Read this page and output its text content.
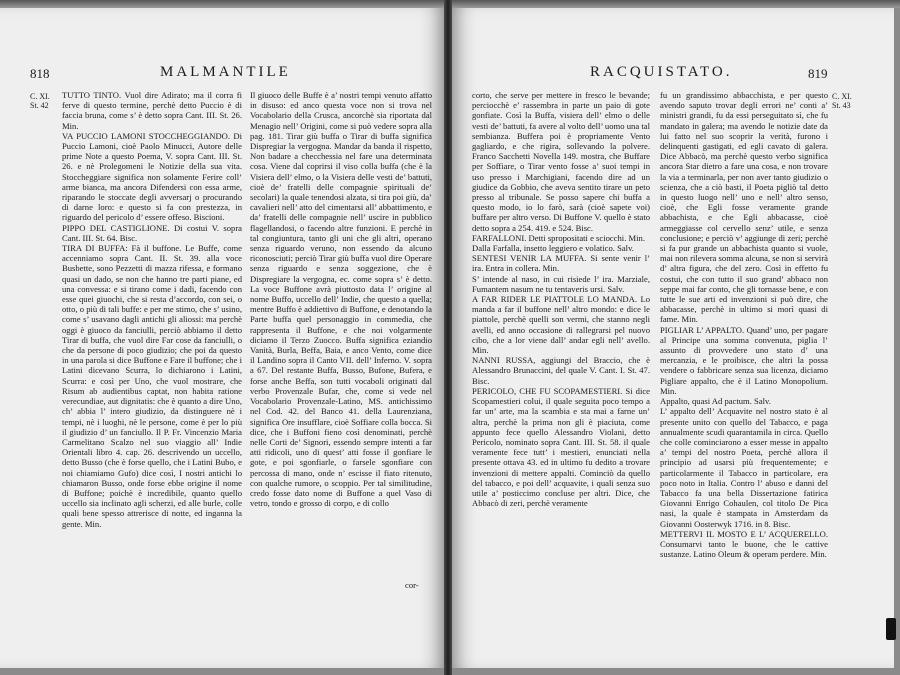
818	MALMANTILE
C. XI.
St. 42

TUTTO TINTO. Vuol dire Adirato; ma il corra fi ferve di questo termine, perchè detto Puccio è di faccia bruna, come s’ è detto sopra Cant. III. St. 26. Min.

VA PUCCIO LAMONI STOCCHEGGIANDO. Di Puccio Lamoni, cioè Paolo Minucci, Autore delle prime Note a questo Poema, V. sopra Cant. III. St. 26. e nè Prolegomeni le Notizie della sua vita. Stoccheggiare significa non solamente Ferire coll’ arme bianca, ma ancora Difendersi con essa arme, riparando le stoccate degli avversarj o procurando di darne loro: e questo si fa con prestezza, in riguardo del pericolo d’ essere offeso. Biscioni.

PIPPO DEL CASTIGLIONE. Di costui V. sopra Cant. III. St. 64. Bisc.

TIRA DI BUFFA: Fà il buffone. Le Buffe, come accenniamo sopra Cant. II. St. 39. alla voce Busbette, sono Pezzetti di mazza rifessa, e formano quasi un dado, se non che hanno tre parti piane, ed una convessa: e si tirano come i dadi, facendo con esse quei giuochi, che si resta d’accordo, con sei, o otto, o più di tali buffe: e per me stimo, che s’ usino, come s’ usavano dagli antichi gli aliossi: ma perchè oggi è giuoco da fanciulli, perciò abbiamo il detto Tirar di buffa, che vuol dire Far cose da fanciulli, o che da persone di poco giudizio; che poi da questo in una parola si dice Buffone e Fare il buffone; che i Latini dicevano Scurra, lo dichiarono i Latini, Scurra: e così per Uno, che vuol mostrare, che Risum ab audientibus captat, non habita ratione verecundiae, aut dignitatis: che è quanto a dire Uno, ch’ abbia l’ intero giudizio, da distinguere nè i tempi, nè i luoghi, nè le persone, come è per lo più il giudizio d’ un fanciullo. Il P. Fr. Vincenzio Maria Carmelitano Scalzo nel suo viaggio all’ Indie Orientali libro 4. cap. 26. descrivendo un uccello, detto Busso (che è forse quello, che i Latini Bubo, e noi chiamiamo Gufo) dice così, I nostri antichi lo chiamaron Busso, onde forse ebbe origine il nome di Buffone; poichè è incredibile, quanto quello uccello sia inclinato agli scherzi, ed alle burle, colle quali bene spesso attrerisce di notte, ed inganna la gente. Min.

Il giuoco delle Buffe è a’ nostri tempi venuto affatto in disuso: ed anco questa voce non si trova nel Vocabolario della Crusca, ancorchè sia riportata dal Menagio nell’ Origini, come si può vedere sopra alla pag. 181. Tirar giù buffa o Tirar di buffa significa Dispregiar la vergogna. Mandar da banda il rispetto, Non badare a checchessia nel fare una determinata cosa. Viene dal coprirsi il viso colla buffa (che è la Visiera dell’ elmo, o la Visiera delle vesti de’ battuti, cioè de’ fratelli delle compagnie spirituali de’ secolari) la quale tenendosi alzata, si tira poi giù, da’ cavalieri nell’ atto del cimentarsi all’ abbattimento, e da’ fratelli delle compagnie nell’ uscire in pubblico flagellandosi, o facendo altre funzioni. E perchè in tal congiuntura, tanto gli uni che gli altri, operano senza riguardo veruno, non essendo da alcuno riconosciuti; perciò Tirar giù buffa vuol dire Operare senza riguardo e senza soggezione, che è Dispregiare la vergogna, ec. come sopra s’ è detto. La voce Buffone avrà piuttosto data l’ origine al nome Buffo, uccello dell’ Indie, che questo a quella; mentre Buffo è addiettivo di Buffone, e denotando la Parte buffa quel personaggio in commedia, che rappresenta il Buffone, e che noi volgarmente diciamo il Terzo Zuocco. Buffa significa eziandio Vanità, Burla, Beffa, Baia, e anco Vento, come dice il Landino sopra il Canto VII. dell’ Inferno. V. sopra a 67. Del restante Buffa, Busso, Bufone, Bufera, e forse anche Beffa, son tutti vocaboli originati dal verbo Provenzale Bufar, che, come si vede nel Vocabolario Provenzale-Latino, MS. antichissimo nel Cod. 42. del Banco 41. della Laurenziana, significa Ore insufflare, cioè Soffiare colla bocca. Si dice, che i Buffoni fieno così denominati, perchè nelle Corti de’ Signori, essendo sempre intenti a far atti ridicoli, uno di quest’ atti fosse il gonfiare le gote, e poi sgonfiarle, o farsele sgonfiare con percossa di mano, onde n’ escisse il fiato ritenuto, con qualche rumore, o scoppio. Per tal similitudine, credo fosse dato nome di Buffone a quel Vaso di vetro, tondo e grosso di corpo, e di collo

cor-
RACQUISTATO.	819
C. XI.
St. 43

corto, che serve per mettere in fresco le bevande; perciocchè e’ rassembra in parte un paio di gote gonfiate. Così la Buffa, visiera dell’ elmo o delle vesti de’ battuti, fa avere al volto dell’ uomo una tal sembianza. Buffera poi è propriamente Vento gagliardo, e che rigira, sollevando la polvere. Franco Sacchetti Novella 149. mostra, che Buffare per Soffiare, o Tirar vento fosse a’ suoi tempi in uso presso i Marchigiani, facendo dire ad un giudice da Gobbio, che aveva sentito tirare un peto presso al tribunale. Se posso sapere chi buffa a questo modo, io lo farò, sarà (cioè sapete voi) buffare per altro verso. Di Buffone V. quello è stato detto sopra a 254. 419. e 524. Bisc.

FARFALLONI. Detti spropositati e sciocchi. Min.

Dalla Farfalla, insetto leggiero e volatico. Salv.

SENTESI VENIR LA MUFFA. Si sente venir l’ ira. Entra in collera. Min.

S’ intende al naso, in cui risiede l’ ira. Marziale, Fumantem nasum ne tu tentaveris ursi. Salv.

A FAR RIDER LE PIATTOLE LO MANDA. Lo manda a far il buffone nell’ altro mondo: e dice le piattole, perchè quelli son vermi, che stanno negli avelli, ed anno occasione di rallegrarsi pel nuovo cibo, che a lor viene dall’ andar egli nell’ avello. Min.

NANNI RUSSA, aggiungi del Braccio, che è Alessandro Brunaccini, del quale V. Cant. I. St. 47. Bisc.

PERICOLO, CHE FU SCOPAMESTIERI. Si dice Scopamestieri colui, il quale seguita poco tempo a far un’ arte, ma la scambia e sta mai a farne un’ altra, perchè la prima non gli è piaciuta, come appunto fece quello Alessandro Violani, detto Pericolo, nominato sopra Cant. III. St. 58. il quale veramente fece tutt’ i mestieri, enunciati nella presente ottava 43. ed in ultimo fu dedito a trovare invenzioni di mettere appalti. Cominciò da quello del tabacco, e poi dell’ acquavite, i quali senza suo utile a’ posticcimo concluse per altri. Dice, che Abbacò di zeri, perchè veramente

fu un grandissimo abbacchista, e per questo avendo saputo trovar degli errori ne’ conti a’ ministri grandi, fu da essi perseguitato sì, che fu mandato in galera; ma avendo le notizie date da lui fatto nel suo scoprir la verità, furono i delinquenti gastigati, ed egli cavato di galera. Dice Abbacò, ma perchè questo verbo significa ancora Star dietro a fare una cosa, e non trovare la via a terminarla, per non aver tanto giudizio o scienza, che a ciò basti, il Poeta pigliò tal detto in questo luogo nell’ uno e nell’ altro senso, cioè, che Egli fosse veramente grande abbachista, e che Egli abbacasse, cioè armeggiasse col cervello senz’ utile, e senza conclusione; e perciò v’ aggiunge di zeri; perchè si fa pur grande un abbachista quanto si vuole, mai non rilevera somma alcuna, se non si servirà d’ altra figura, che del zero. Così in effetto fu costui, che con tutto il suo grand’ abbaco non seppe mai far conto, che gli tornasse bene, e con tutte le sue arti ed invenzioni si può dire, che abbacasse, perchè in ultimo si morì quasi di fame. Min.

PIGLIAR L’ APPALTO. Quand’ uno, per pagare al Principe una somma convenuta, piglia l’ assunto di provvedere uno stato d’ una mercanzia, e le proibisce, che altri la possa vendere o fabbricare senza sua licenza, diciamo Pigliare appalto, che è il Latino Monopolium. Min.

Appalto, quasi Ad pactum. Salv.

L’ appalto dell’ Acquavite nel nostro stato è al presente unito con quello del Tabacco, e paga annualmente scudi quarantamila in circa. Quello che colle cominciarono a esser messe in appalto a’ tempi del nostro Poeta, perchè allora il principio ad usarsi più frequentemente; e particolarmente il Tabacco in particolare, era poco noto in Italia. Contro l’ abuso e danni del Tabacco fa una bella Dissertazione fatirica Giovanni Enrigo Cohaulen, col titolo De Pica nasi, la quale è stampata in Amsterdam da Giovanni Oosterwyk 1716. in 8. Bisc.

METTERVI IL MOSTO E L’ ACQUERELLO. Consumarvi tanto le buone, che le cattive sustanze. Latino Oleum & operam perdere. Min.
